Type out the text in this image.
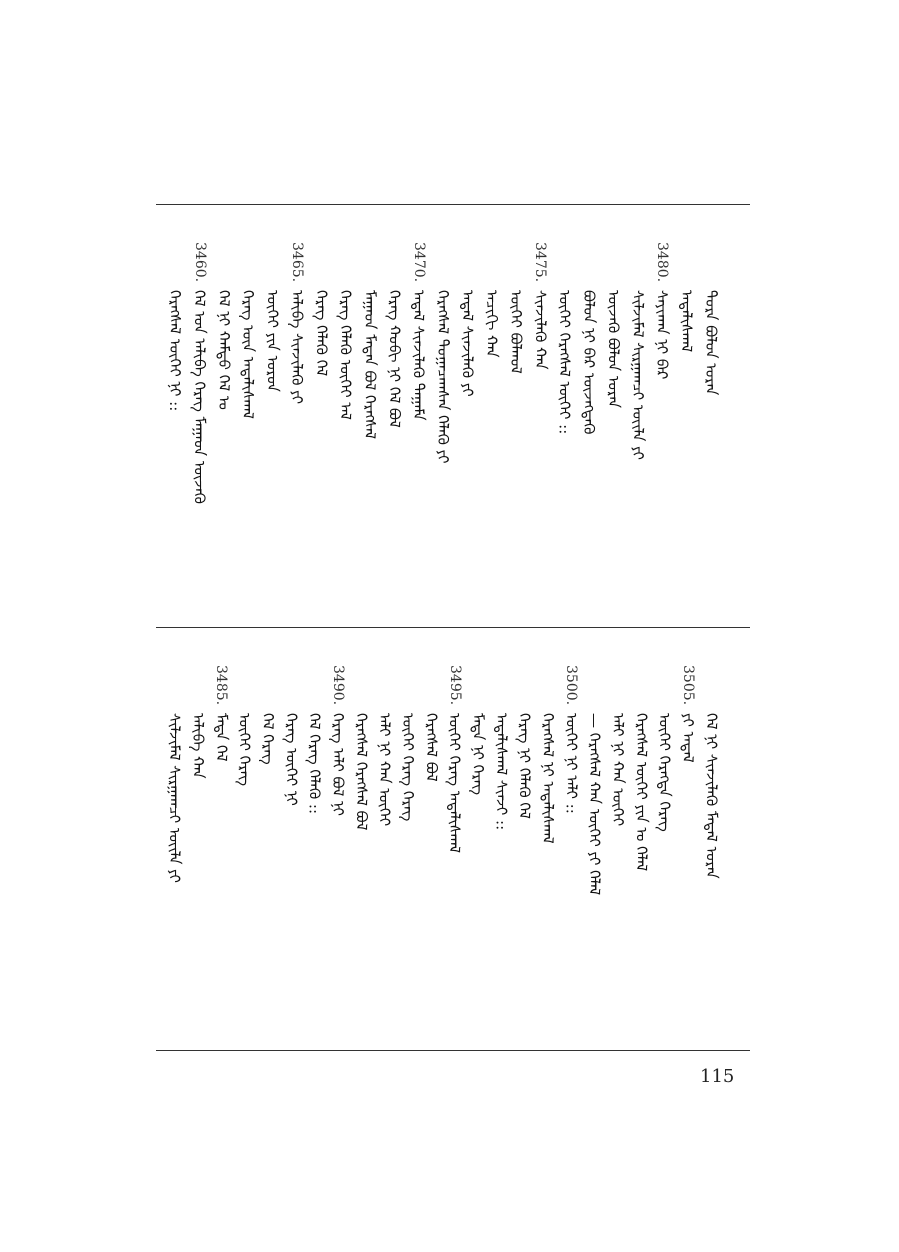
ᠳᠤᠷᠠ ᠪᠣᠯᠤᠨ ᠤᠷᠠᠨ
ᠠᠳᠠᠯᠢᠰᠬᠠᠯ
3480.
ᠰᠠᠶᠢᠬᠠᠨ ᠨᠢ ᠪᠡᠷ
ᠰᠢᠯᠵᠢᠮᠡᠯ ᠰᠢᠷᠭᠠᠭᠴᠢ ᠦᠢᠯᠡ ᠶᠢ
ᠦᠵᠡᠬᠦ ᠪᠣᠯᠤᠨ ᠤᠷᠠᠨ
ᠪᠣᠯᠤᠨ ᠨᠢ ᠪᠡᠷ ᠦᠵᠡᠭᠳᠡᠬᠦ
ᠦᠭᠡᠢ ᠬᠡᠷᠡᠭᠰᠡᠯ ᠦᠭᠡᠢ ::
3475.
ᠰᠢᠨᠵᠢᠯᠡᠬᠦ ᠬᠠᠨ
ᠦᠭᠡᠢ ᠪᠣᠯᠬᠤᠯ
ᠠᠴᠢᠬᠢ ᠬᠠᠨ
ᠠᠳᠠᠯ ᠰᠢᠨᠵᠢᠯᠡᠬᠦ ᠶᠢ
ᠬᠡᠷᠡᠭᠰᠡᠯ ᠲᠣᠭᠠᠴᠠᠭᠰᠠᠨ ᠬᠡᠯᠡᠬᠦ ᠶᠢ
3470.
ᠠᠳᠠᠯ ᠰᠢᠨᠵᠢᠯᠡᠬᠦ ᠲᠠᠭᠠᠮᠠ
ᠬᠡᠷᠡᠭ ᠬᠤᠪᠢ ᠨᠢ ᠬᠡᠯ ᠪᠣᠯ
ᠮᠠᠭᠠᠳ ᠮᠡᠳᠡᠨ ᠪᠣᠯ ᠬᠡᠷᠡᠭᠰᠡᠯ
ᠬᠡᠷᠡᠭ ᠬᠡᠯᠡᠬᠦ ᠦᠭᠡᠢ ᠠᠯ
ᠬᠡᠷᠡᠭ ᠬᠡᠯᠡᠬᠦ ᠬᠡᠯ
3465.
ᠠᠯᠢᠪᠠ ᠰᠢᠨᠵᠢᠯᠡᠬᠦ ᠶᠢ
ᠦᠭᠡᠢ ᠶᠢᠨ ᠤᠷᠤᠨ
ᠬᠡᠷᠡᠭ ᠦᠨ ᠠᠳᠠᠯᠢᠰᠬᠠᠯ
ᠬᠡᠯ ᠨᠢ ᠬᠠᠮᠲᠤ ᠬᠡᠯ ᠤ
3460.
ᠬᠡᠯ ᠤᠨ ᠠᠯᠢᠪᠠ ᠬᠡᠷᠡᠭ ᠮᠠᠭᠠᠳ ᠦᠵᠡᠬᠦ
ᠬᠡᠷᠡᠭᠰᠡᠯ ᠦᠭᠡᠢ ᠨᠢ ::
ᠬᠡᠯ ᠨᠢ ᠰᠢᠨᠵᠢᠯᠡᠬᠦ ᠮᠡᠳᠡᠯ ᠤᠷᠠᠨ
3505.
ᠶᠢ ᠠᠳᠠᠯ
ᠦᠭᠡᠢ ᠬᠡᠷᠡᠭᠳᠡ ᠬᠡᠷᠡᠭ
ᠬᠡᠷᠡᠭᠰᠡᠯ ᠦᠭᠡᠢ ᠶᠢᠨ ᠤ ᠬᠡᠯᠡᠯ
ᠠᠯᠢ ᠨᠢ ᠬᠠᠨ ᠦᠭᠡᠢ
— ᠬᠡᠷᠡᠭᠰᠡᠯ ᠬᠠᠨ ᠦᠭᠡᠢ ᠶᠢ ᠬᠡᠯᠡᠯ
3500.
ᠦᠭᠡᠢ ᠨᠢ ᠠᠯᠢ ::
ᠬᠡᠷᠡᠭᠰᠡᠯ ᠨᠢ ᠠᠳᠠᠯᠢᠰᠬᠠᠯ
ᠬᠡᠷᠡᠭ ᠨᠢ ᠬᠡᠯᠡᠬᠦ ᠬᠡᠯ
ᠠᠳᠠᠯᠢᠰᠬᠠᠯ ᠰᠢᠨᠵᠢ ::
ᠮᠡᠳᠡ ᠨᠢ ᠬᠡᠷᠡᠭ
3495.
ᠦᠭᠡᠢ ᠬᠡᠷᠡᠭ ᠠᠳᠠᠯᠢᠰᠬᠠᠯ
ᠬᠡᠷᠡᠭᠰᠡᠯ ᠪᠣᠯ
ᠦᠭᠡᠢ ᠬᠡᠷᠡᠭ ᠬᠡᠷᠡᠭ
ᠠᠯᠢ ᠨᠢ ᠬᠠᠨ ᠦᠭᠡᠢ
ᠬᠡᠷᠡᠭᠰᠡᠯ ᠬᠡᠷᠡᠭᠰᠡᠯ ᠪᠣᠯ
3490.
ᠬᠡᠷᠡᠭ ᠠᠯᠢ ᠪᠣᠯ ᠨᠢ
ᠬᠡᠯ ᠬᠡᠷᠡᠭ ᠬᠡᠯᠡᠬᠦ ::
ᠬᠡᠷᠡᠭ ᠦᠭᠡᠢ ᠨᠢ
ᠬᠡᠯ ᠬᠡᠷᠡᠭ
ᠦᠭᠡᠢ ᠬᠡᠷᠡᠭ
3485.
ᠮᠡᠳᠡ ᠬᠡᠯ
ᠠᠯᠢᠪᠠ ᠬᠠᠨ
ᠰᠢᠯᠵᠢᠮᠡᠯ ᠰᠢᠷᠭᠠᠭᠴᠢ ᠦᠢᠯᠡ ᠶᠢ
115
